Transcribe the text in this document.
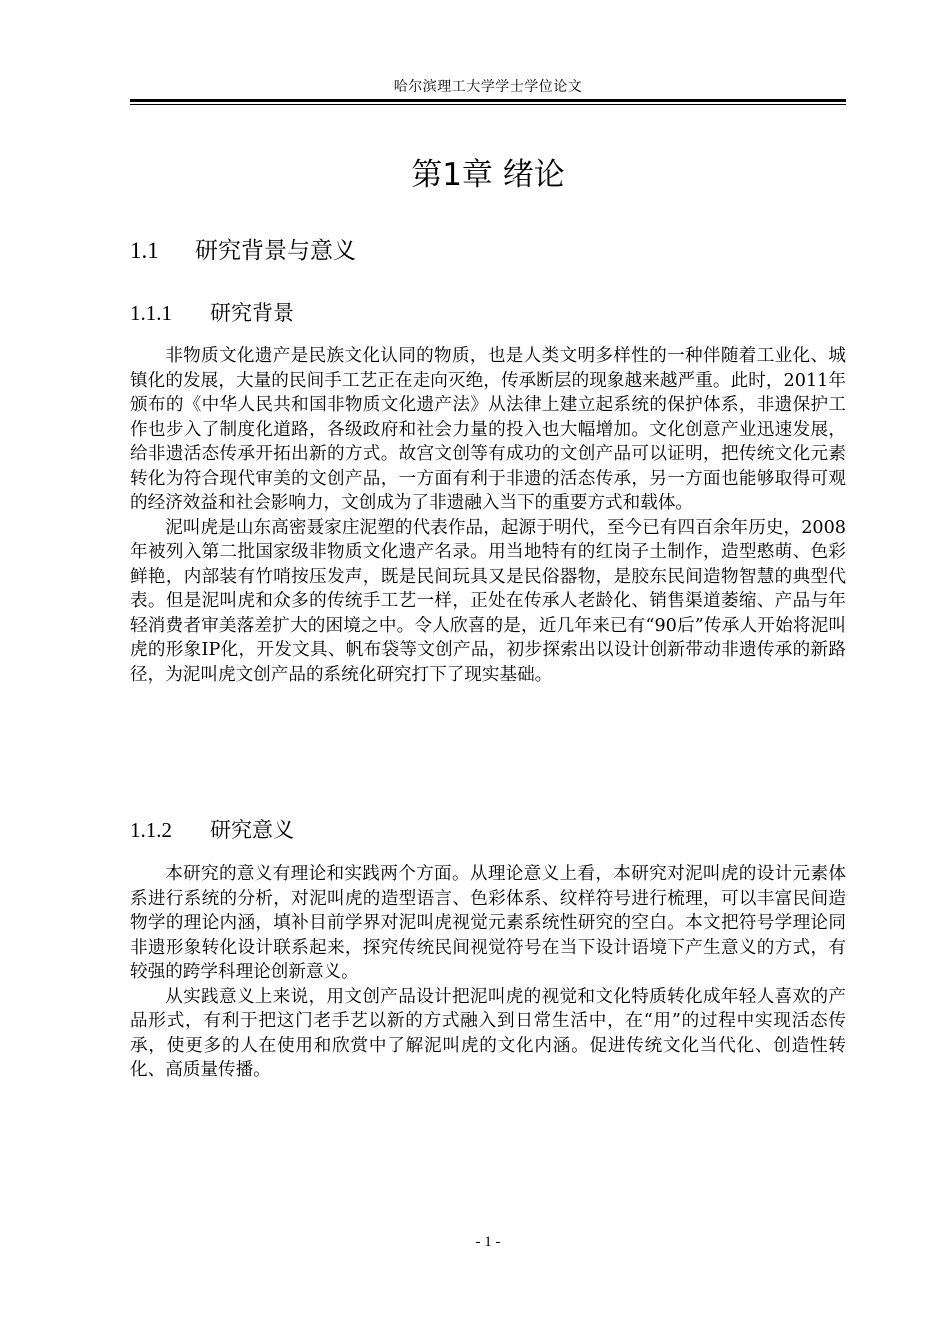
哈尔滨理工大学学士学位论文
第1章 绪论
1.1 研究背景与意义
1.1.1 研究背景

非物质文化遗产是民族文化认同的物质，也是人类文明多样性的一种伴随着工业化、城镇化的发展，大量的民间手工艺正在走向灭绝，传承断层的现象越来越严重。此时，2011年颁布的《中华人民共和国非物质文化遗产法》从法律上建立起系统的保护体系，非遗保护工作也步入了制度化道路，各级政府和社会力量的投入也大幅增加。文化创意产业迅速发展，给非遗活态传承开拓出新的方式。故宫文创等有成功的文创产品可以证明，把传统文化元素转化为符合现代审美的文创产品，一方面有利于非遗的活态传承，另一方面也能够取得可观的经济效益和社会影响力，文创成为了非遗融入当下的重要方式和载体。

泥叫虎是山东高密聂家庄泥塑的代表作品，起源于明代，至今已有四百余年历史，2008年被列入第二批国家级非物质文化遗产名录。用当地特有的红岗子土制作，造型憨萌、色彩鲜艳，内部装有竹哨按压发声，既是民间玩具又是民俗器物，是胶东民间造物智慧的典型代表。但是泥叫虎和众多的传统手工艺一样，正处在传承人老龄化、销售渠道萎缩、产品与年轻消费者审美落差扩大的困境之中。令人欣喜的是，近几年来已有“90后”传承人开始将泥叫虎的形象IP化，开发文具、帆布袋等文创产品，初步探索出以设计创新带动非遗传承的新路径，为泥叫虎文创产品的系统化研究打下了现实基础。

1.1.2 研究意义

本研究的意义有理论和实践两个方面。从理论意义上看，本研究对泥叫虎的设计元素体系进行系统的分析，对泥叫虎的造型语言、色彩体系、纹样符号进行梳理，可以丰富民间造物学的理论内涵，填补目前学界对泥叫虎视觉元素系统性研究的空白。本文把符号学理论同非遗形象转化设计联系起来，探究传统民间视觉符号在当下设计语境下产生意义的方式，有较强的跨学科理论创新意义。

从实践意义上来说，用文创产品设计把泥叫虎的视觉和文化特质转化成年轻人喜欢的产品形式，有利于把这门老手艺以新的方式融入到日常生活中，在“用”的过程中实现活态传承，使更多的人在使用和欣赏中了解泥叫虎的文化内涵。促进传统文化当代化、创造性转化、高质量传播。

- 1 -
